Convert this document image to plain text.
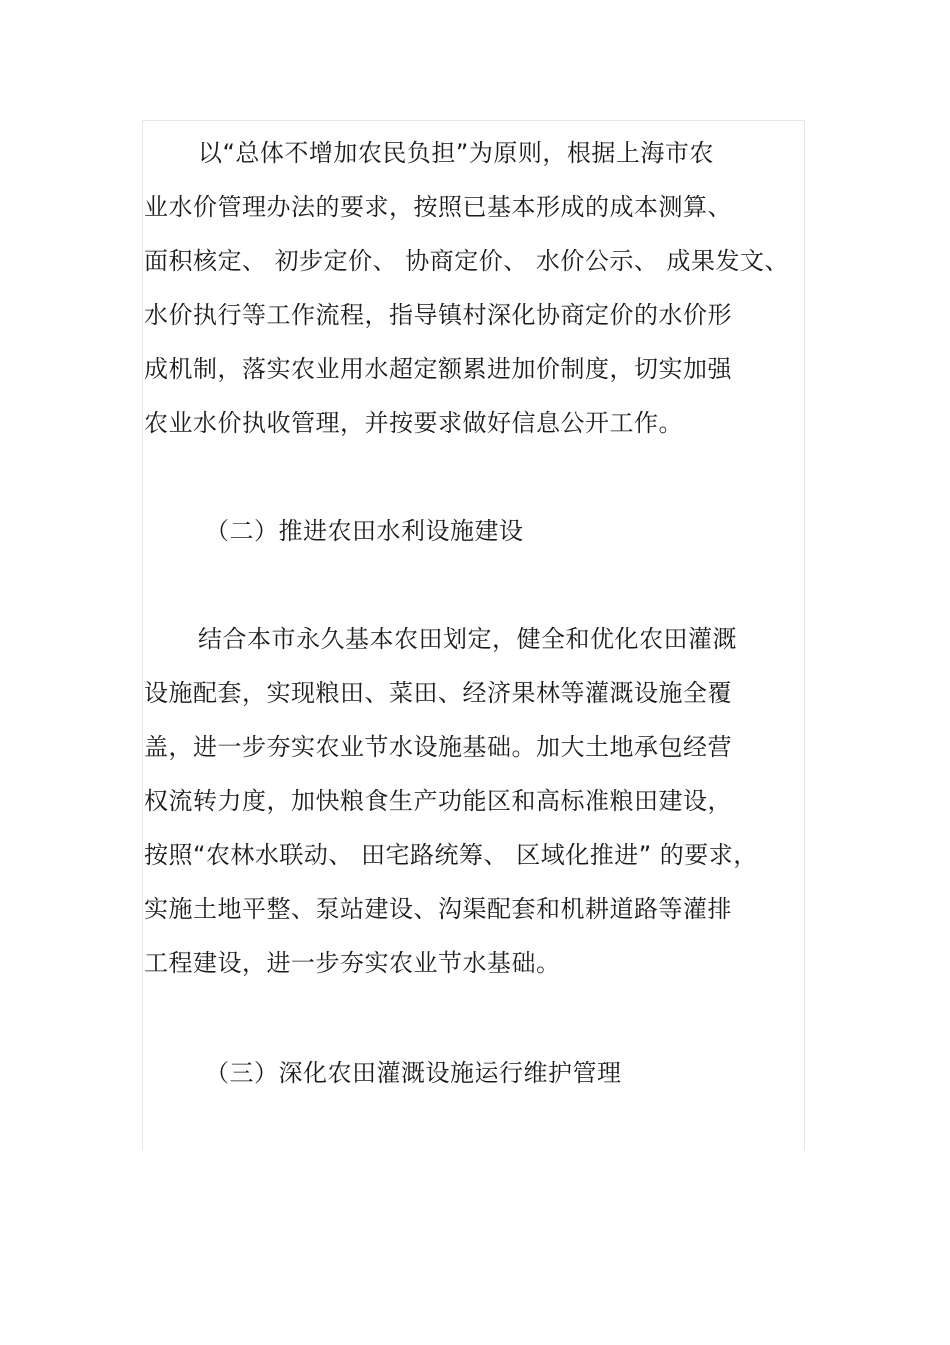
以“总体不增加农民负担”为原则，根据上海市农
业水价管理办法的要求，按照已基本形成的成本测算、
面积核定、 初步定价、 协商定价、 水价公示、 成果发文、
水价执行等工作流程，指导镇村深化协商定价的水价形
成机制，落实农业用水超定额累进加价制度，切实加强
农业水价执收管理，并按要求做好信息公开工作。
（二）推进农田水利设施建设
结合本市永久基本农田划定，健全和优化农田灌溉
设施配套，实现粮田、菜田、经济果林等灌溉设施全覆
盖，进一步夯实农业节水设施基础。加大土地承包经营
权流转力度，加快粮食生产功能区和高标准粮田建设，
按照“农林水联动、 田宅路统筹、 区域化推进” 的要求，
实施土地平整、泵站建设、沟渠配套和机耕道路等灌排
工程建设，进一步夯实农业节水基础。
（三）深化农田灌溉设施运行维护管理
